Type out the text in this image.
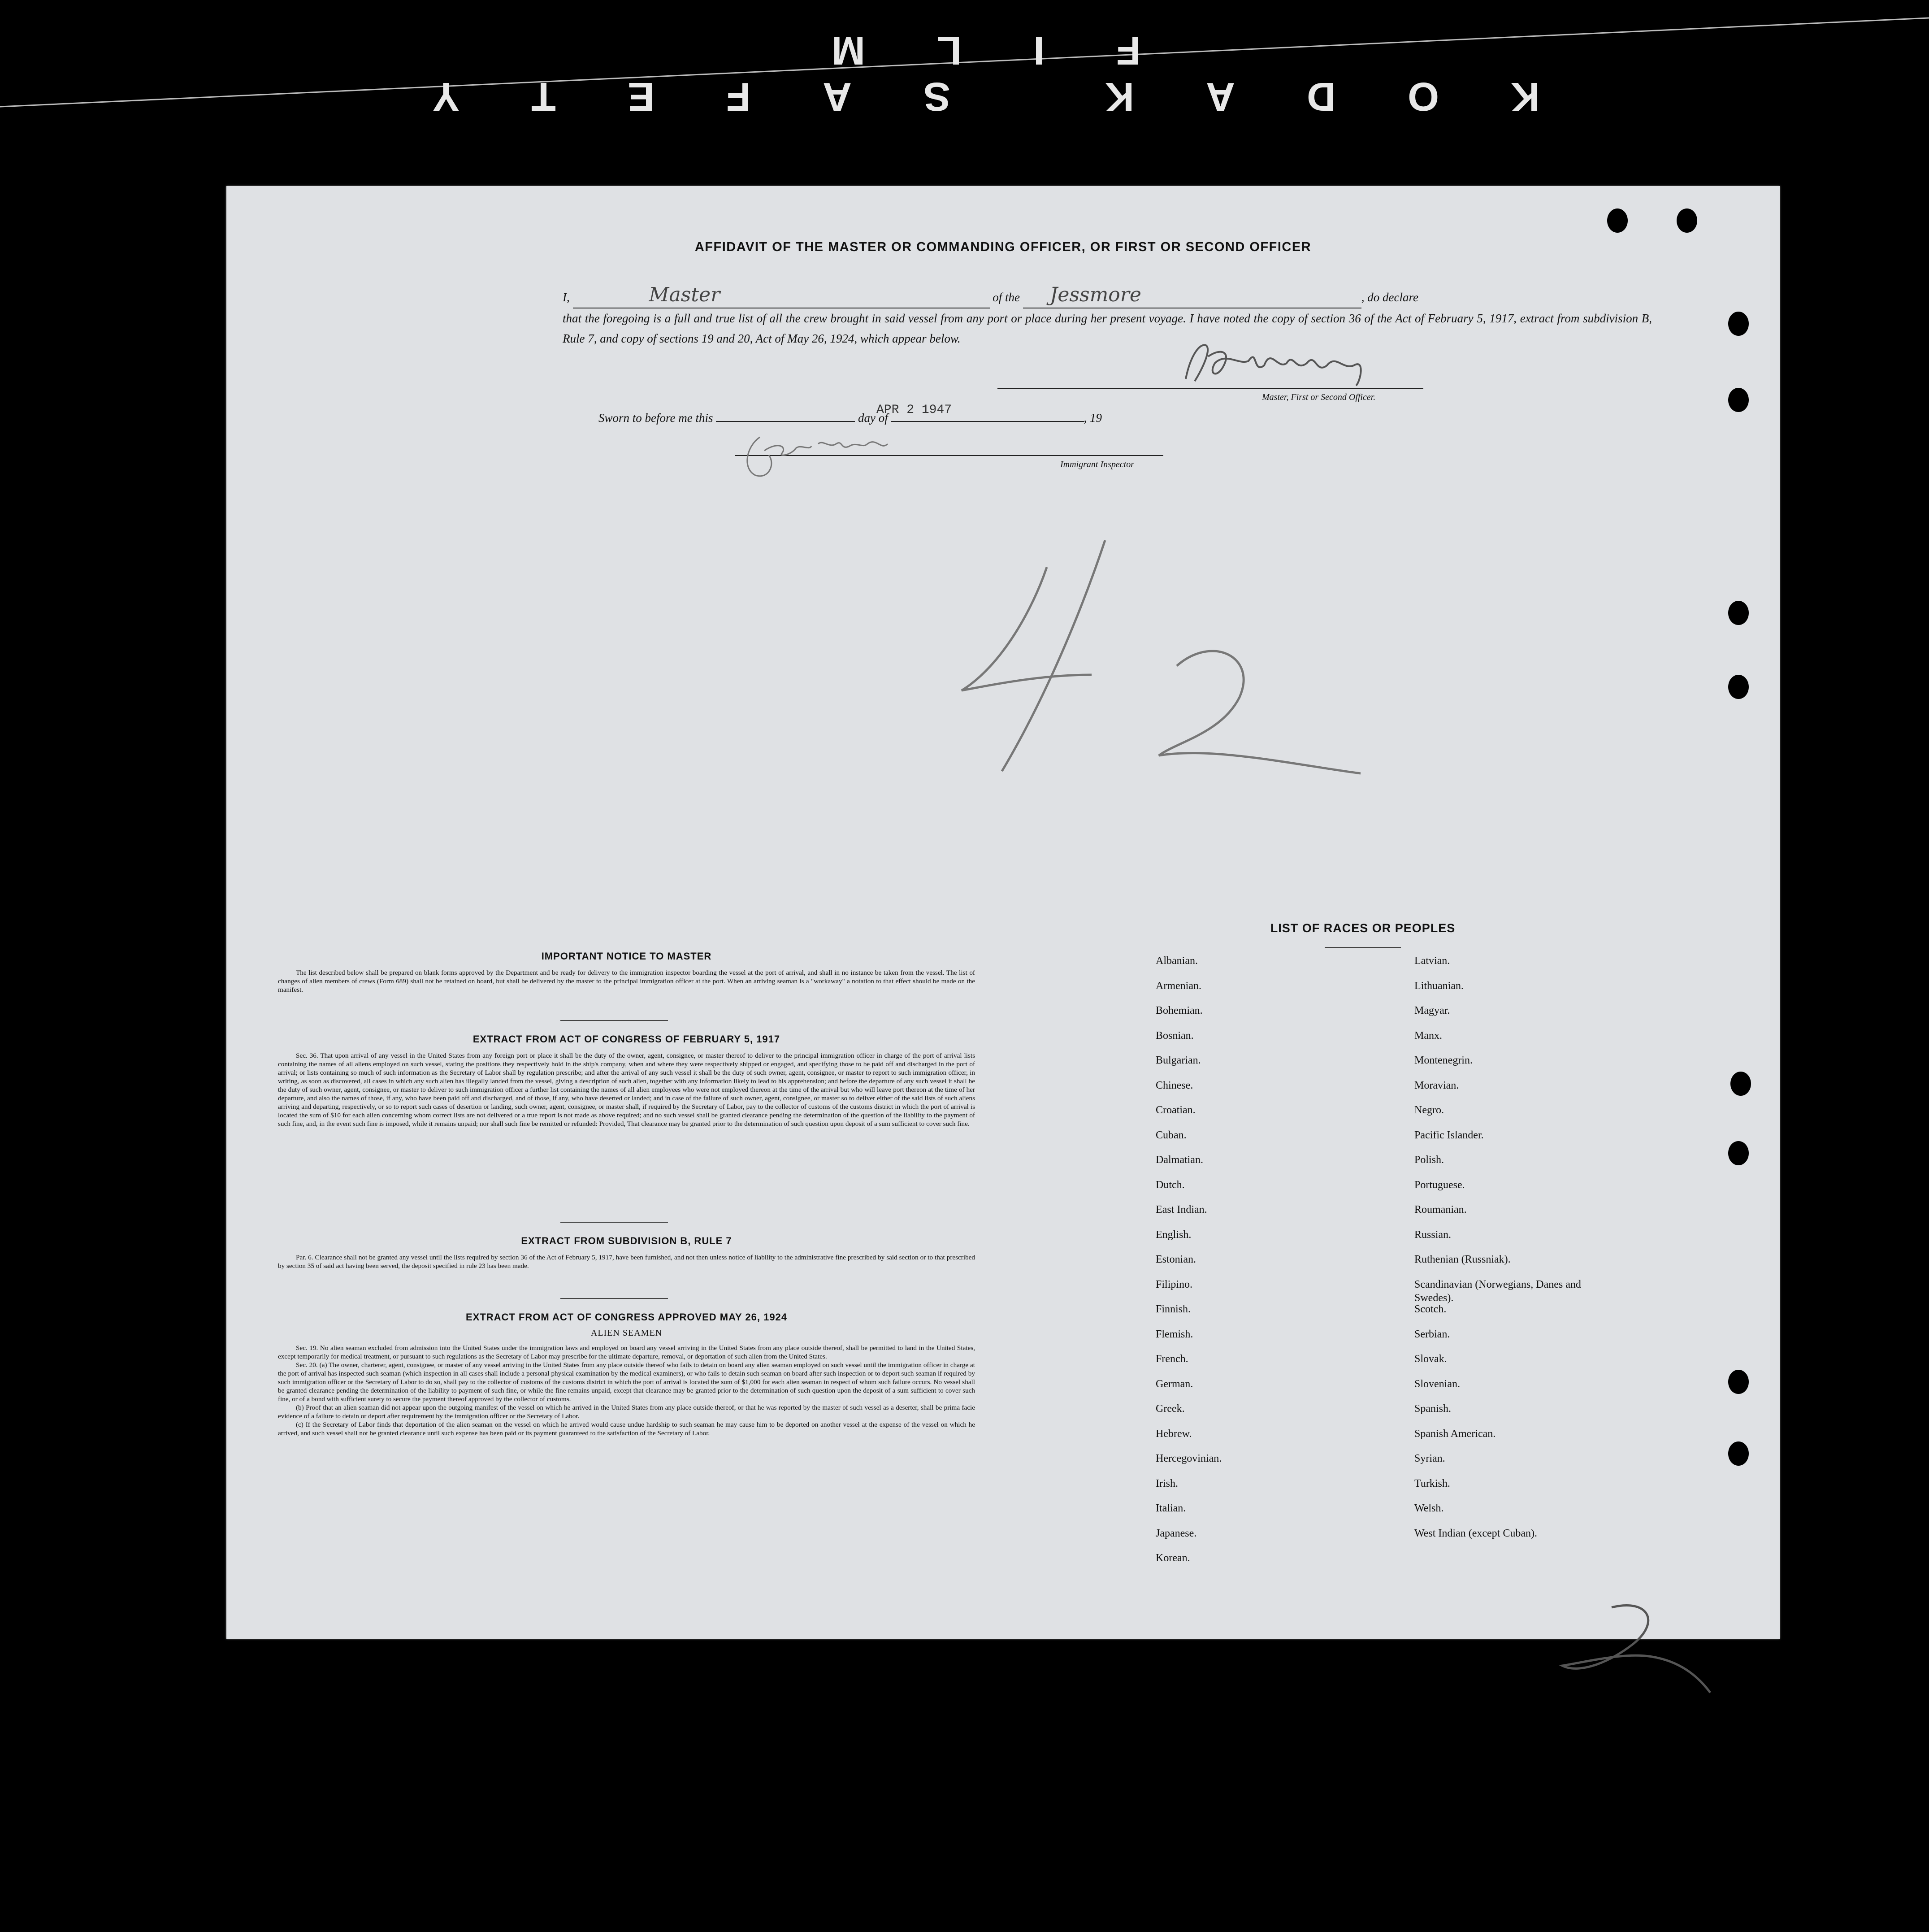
KODAK SAFETY FILM
AFFIDAVIT OF THE MASTER OR COMMANDING OFFICER, OR FIRST OR SECOND OFFICER
I,	Master	of the Jessmore	, do declare
that the foregoing is a full and true list of all the crew brought in said vessel from any port or place during her present voyage. I have noted the copy of section 36 of the Act of February 5, 1917, extract from subdivision B, Rule 7, and copy of sections 19 and 20, Act of May 26, 1924, which appear below.
Master, First or Second Officer.
Sworn to before me this	day of	, 19
APR 2 1947
Immigrant Inspector
4/2
IMPORTANT NOTICE TO MASTER

The list described below shall be prepared on blank forms approved by the Department and be ready for delivery to the immigration inspector boarding the vessel at the port of arrival, and shall in no instance be taken from the vessel. The list of changes of alien members of crews (Form 689) shall not be retained on board, but shall be delivered by the master to the principal immigration officer at the port. When an arriving seaman is a "workaway" a notation to that effect should be made on the manifest.

EXTRACT FROM ACT OF CONGRESS OF FEBRUARY 5, 1917

Sec. 36. That upon arrival of any vessel in the United States from any foreign port or place it shall be the duty of the owner, agent, consignee, or master thereof to deliver to the principal immigration officer in charge of the port of arrival lists containing the names of all aliens employed on such vessel, stating the positions they respectively hold in the ship's company, when and where they were respectively shipped or engaged, and specifying those to be paid off and discharged in the port of arrival; or lists containing so much of such information as the Secretary of Labor shall by regulation prescribe; and after the arrival of any such vessel it shall be the duty of such owner, agent, consignee, or master to report to such immigration officer, in writing, as soon as discovered, all cases in which any such alien has illegally landed from the vessel, giving a description of such alien, together with any information likely to lead to his apprehension; and before the departure of any such vessel it shall be the duty of such owner, agent, consignee, or master to deliver to such immigration officer a further list containing the names of all alien employees who were not employed thereon at the time of the arrival but who will leave port thereon at the time of her departure, and also the names of those, if any, who have been paid off and discharged, and of those, if any, who have deserted or landed; and in case of the failure of such owner, agent, consignee, or master so to deliver either of the said lists of such aliens arriving and departing, respectively, or so to report such cases of desertion or landing, such owner, agent, consignee, or master shall, if required by the Secretary of Labor, pay to the collector of customs of the customs district in which the port of arrival is located the sum of $10 for each alien concerning whom correct lists are not delivered or a true report is not made as above required; and no such vessel shall be granted clearance pending the determination of the question of the liability to the payment of such fine, and, in the event such fine is imposed, while it remains unpaid; nor shall such fine be remitted or refunded: Provided, That clearance may be granted prior to the determination of such question upon deposit of a sum sufficient to cover such fine.

EXTRACT FROM SUBDIVISION B, RULE 7

Par. 6. Clearance shall not be granted any vessel until the lists required by section 36 of the Act of February 5, 1917, have been furnished, and not then unless notice of liability to the administrative fine prescribed by said section or to that prescribed by section 35 of said act having been served, the deposit specified in rule 23 has been made.

EXTRACT FROM ACT OF CONGRESS APPROVED MAY 26, 1924
ALIEN SEAMEN

Sec. 19. No alien seaman excluded from admission into the United States under the immigration laws and employed on board any vessel arriving in the United States from any place outside thereof, shall be permitted to land in the United States, except temporarily for medical treatment, or pursuant to such regulations as the Secretary of Labor may prescribe for the ultimate departure, removal, or deportation of such alien from the United States.

Sec. 20. (a) The owner, charterer, agent, consignee, or master of any vessel arriving in the United States from any place outside thereof who fails to detain on board any alien seaman employed on such vessel until the immigration officer in charge at the port of arrival has inspected such seaman (which inspection in all cases shall include a personal physical examination by the medical examiners), or who fails to detain such seaman on board after such inspection or to deport such seaman if required by such immigration officer or the Secretary of Labor to do so, shall pay to the collector of customs of the customs district in which the port of arrival is located the sum of $1,000 for each alien seaman in respect of whom such failure occurs. No vessel shall be granted clearance pending the determination of the liability to payment of such fine, or while the fine remains unpaid, except that clearance may be granted prior to the determination of such question upon the deposit of a sum sufficient to cover such fine, or of a bond with sufficient surety to secure the payment thereof approved by the collector of customs.

(b) Proof that an alien seaman did not appear upon the outgoing manifest of the vessel on which he arrived in the United States from any place outside thereof, or that he was reported by the master of such vessel as a deserter, shall be prima facie evidence of a failure to detain or deport after requirement by the immigration officer or the Secretary of Labor.

(c) If the Secretary of Labor finds that deportation of the alien seaman on the vessel on which he arrived would cause undue hardship to such seaman he may cause him to be deported on another vessel at the expense of the vessel on which he arrived, and such vessel shall not be granted clearance until such expense has been paid or its payment guaranteed to the satisfaction of the Secretary of Labor.

LIST OF RACES OR PEOPLES
Albanian.
Armenian.
Bohemian.
Bosnian.
Bulgarian.
Chinese.
Croatian.
Cuban.
Dalmatian.
Dutch.
East Indian.
English.
Estonian.
Filipino.
Finnish.
Flemish.
French.
German.
Greek.
Hebrew.
Hercegovinian.
Irish.
Italian.
Japanese.
Korean.
Latvian.
Lithuanian.
Magyar.
Manx.
Montenegrin.
Moravian.
Negro.
Pacific Islander.
Polish.
Portuguese.
Roumanian.
Russian.
Ruthenian (Russniak).
Scandinavian (Norwegians, Danes and Swedes).
Scotch.
Serbian.
Slovak.
Slovenian.
Spanish.
Spanish American.
Syrian.
Turkish.
Welsh.
West Indian (except Cuban).
2
